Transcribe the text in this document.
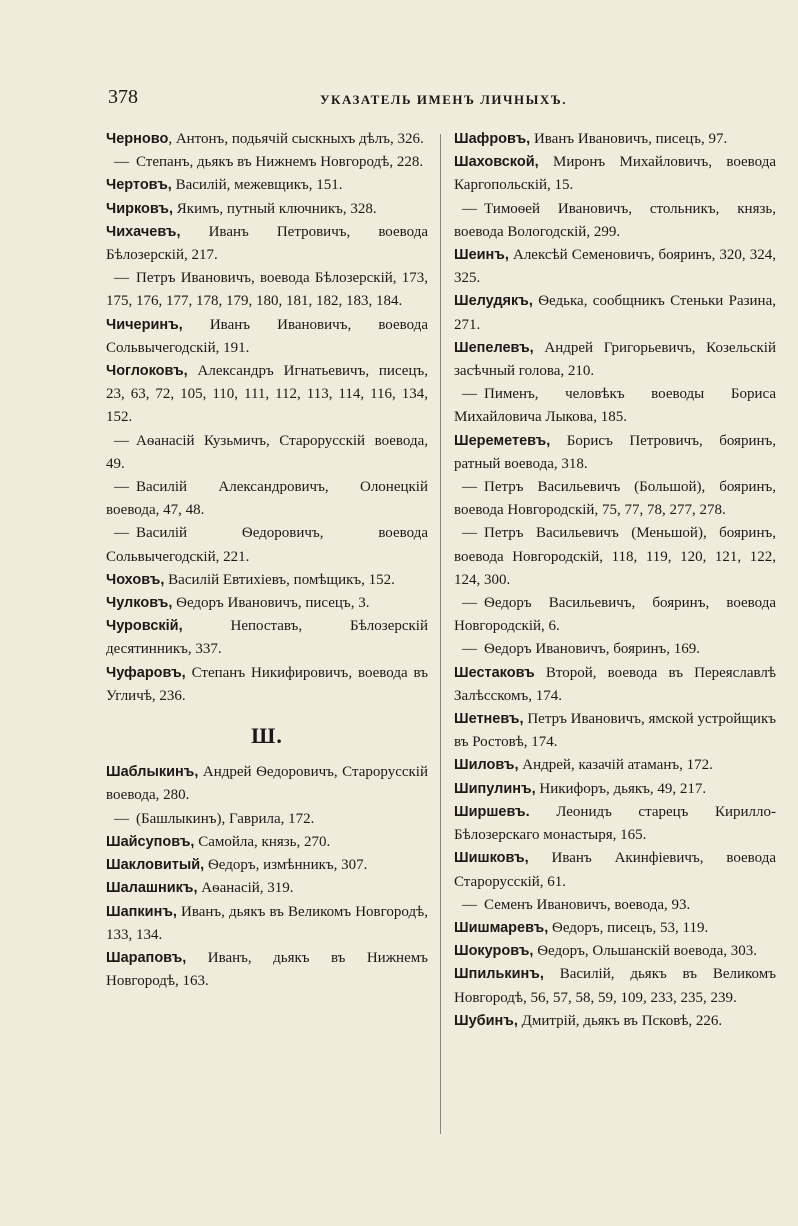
378	УКАЗАТЕЛЬ ИМЕНЪ ЛИЧНЫХЪ.
Черново, Антонъ, подьячій сыскныхъ дѣлъ, 326.
— Степанъ, дьякъ въ Нижнемъ Новгородѣ, 228.
Чертовъ, Василій, межевщикъ, 151.
Чирковъ, Якимъ, путный ключникъ, 328.
Чихачевъ, Иванъ Петровичъ, воевода Бѣлозерскій, 217.
— Петръ Ивановичъ, воевода Бѣлозерскій, 173, 175, 176, 177, 178, 179, 180, 181, 182, 183, 184.
Чичеринъ, Иванъ Ивановичъ, воевода Сольвычегодскій, 191.
Чоглоковъ, Александръ Игнатьевичъ, писецъ, 23, 63, 72, 105, 110, 111, 112, 113, 114, 116, 134, 152.
— Аѳанасій Кузьмичъ, Старорусскій воевода, 49.
— Василій Александровичъ, Олонецкій воевода, 47, 48.
— Василій Ѳедоровичъ, воевода Сольвычегодскій, 221.
Чоховъ, Василій Евтихіевъ, помѣщикъ, 152.
Чулковъ, Ѳедоръ Ивановичъ, писецъ, 3.
Чуровскій, Непоставъ, Бѣлозерскій десятинникъ, 337.
Чуфаровъ, Степанъ Никифировичъ, воевода въ Угличѣ, 236.
Ш.
Шаблыкинъ, Андрей Ѳедоровичъ, Старорусскій воевода, 280.
— (Башлыкинъ), Гаврила, 172.
Шайсуповъ, Самойла, князь, 270.
Шакловитый, Ѳедоръ, измѣнникъ, 307.
Шалашникъ, Аѳанасій, 319.
Шапкинъ, Иванъ, дьякъ въ Великомъ Новгородѣ, 133, 134.
Шараповъ, Иванъ, дьякъ въ Нижнемъ Новгородѣ, 163.
Шафровъ, Иванъ Ивановичъ, писецъ, 97.
Шаховской, Миронъ Михайловичъ, воевода Каргопольскій, 15.
— Тимоѳей Ивановичъ, стольникъ, князь, воевода Вологодскій, 299.
Шеинъ, Алексѣй Семеновичъ, бояринъ, 320, 324, 325.
Шелудякъ, Ѳедька, сообщникъ Стеньки Разина, 271.
Шепелевъ, Андрей Григорьевичъ, Козельскій засѣчный голова, 210.
— Пименъ, человѣкъ воеводы Бориса Михайловича Лыкова, 185.
Шереметевъ, Борисъ Петровичъ, бояринъ, ратный воевода, 318.
— Петръ Васильевичъ (Большой), бояринъ, воевода Новгородскій, 75, 77, 78, 277, 278.
— Петръ Васильевичъ (Меньшой), бояринъ, воевода Новгородскій, 118, 119, 120, 121, 122, 124, 300.
— Ѳедоръ Васильевичъ, бояринъ, воевода Новгородскій, 6.
— Ѳедоръ Ивановичъ, бояринъ, 169.
Шестаковъ Второй, воевода въ Переяславлѣ Залѣсскомъ, 174.
Шетневъ, Петръ Ивановичъ, ямской устройщикъ въ Ростовѣ, 174.
Шиловъ, Андрей, казачій атаманъ, 172.
Шипулинъ, Никифоръ, дьякъ, 49, 217.
Ширшевъ. Леонидъ старецъ Кирилло-Бѣлозерскаго монастыря, 165.
Шишковъ, Иванъ Акинфіевичъ, воевода Старорусскій, 61.
— Семенъ Ивановичъ, воевода, 93.
Шишмаревъ, Ѳедоръ, писецъ, 53, 119.
Шокуровъ, Ѳедоръ, Ольшанскій воевода, 303.
Шпилькинъ, Василій, дьякъ въ Великомъ Новгородѣ, 56, 57, 58, 59, 109, 233, 235, 239.
Шубинъ, Дмитрій, дьякъ въ Псковѣ, 226.
